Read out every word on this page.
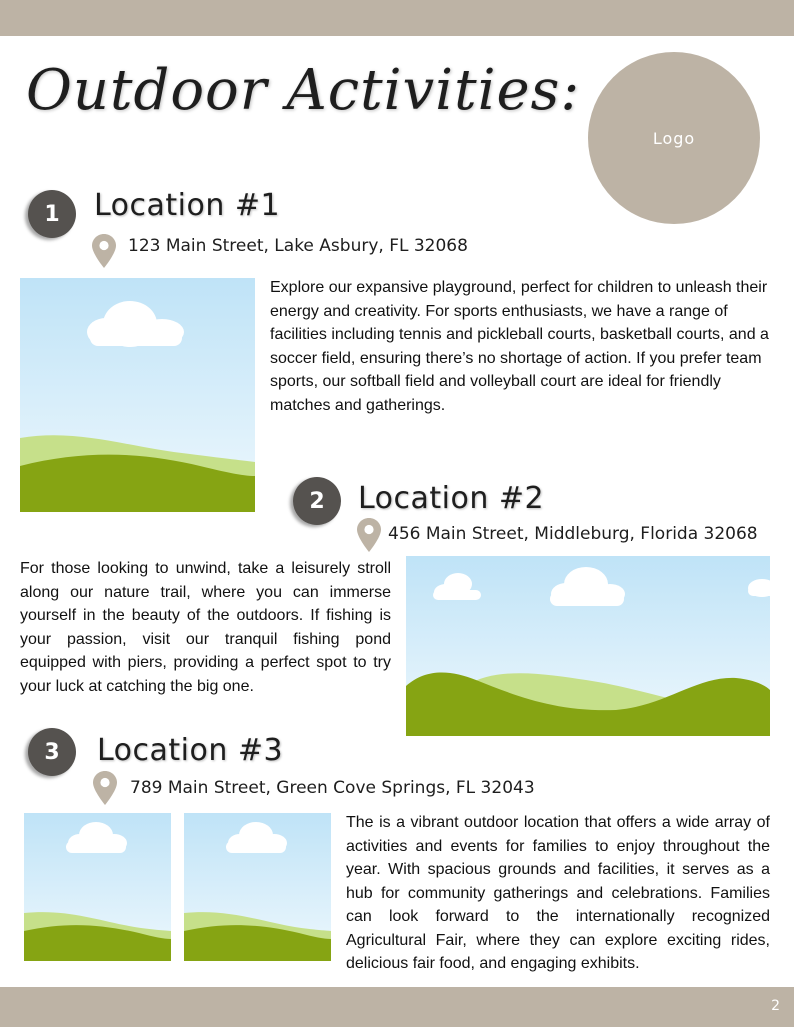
2
Outdoor Activities:
Logo
1 Location #1
123 Main Street, Lake Asbury, FL 32068

Explore our expansive playground, perfect for children to unleash their energy and creativity. For sports enthusiasts, we have a range of facilities including tennis and pickleball courts, basketball courts, and a soccer field, ensuring there’s no shortage of action. If you prefer team sports, our softball field and volleyball court are ideal for friendly matches and gatherings.

2 Location #2
456 Main Street, Middleburg, Florida 32068

For those looking to unwind, take a leisurely stroll along our nature trail, where you can immerse yourself in the beauty of the outdoors. If fishing is your passion, visit our tranquil fishing pond equipped with piers, providing a perfect spot to try your luck at catching the big one.

3 Location #3
789 Main Street, Green Cove Springs, FL 32043

The is a vibrant outdoor location that offers a wide array of activities and events for families to enjoy throughout the year. With spacious grounds and facilities, it serves as a hub for community gatherings and celebrations. Families can look forward to the internationally recognized Agricultural Fair, where they can explore exciting rides, delicious fair food, and engaging exhibits.
